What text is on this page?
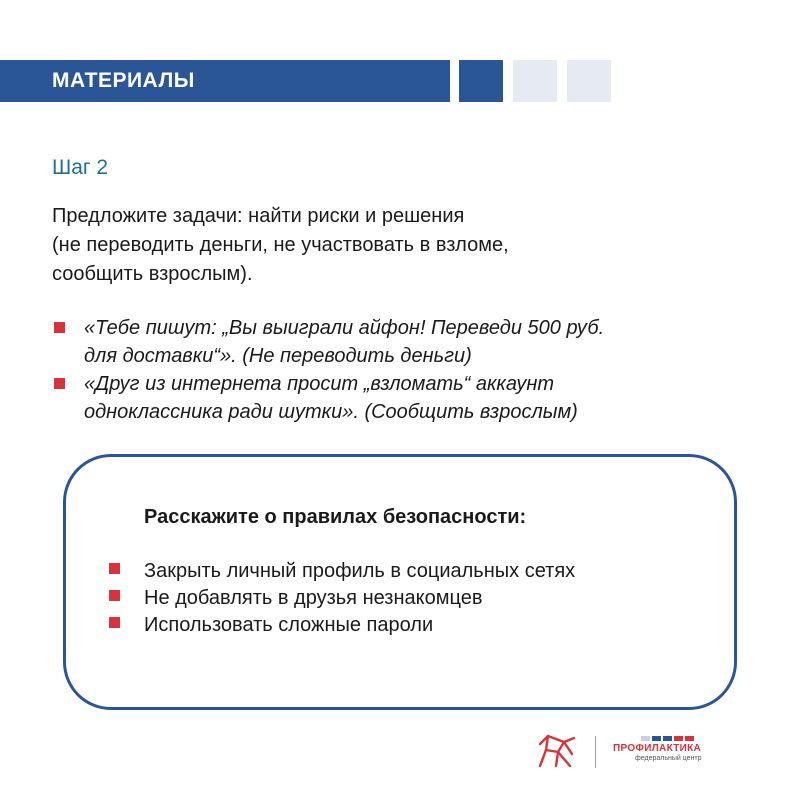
МАТЕРИАЛЫ
Шаг 2
Предложите задачи: найти риски и решения
(не переводить деньги, не участвовать в взломе,
сообщить взрослым).
«Тебе пишут: „Вы выиграли айфон! Переведи 500 руб.
для доставки“». (Не переводить деньги)
«Друг из интернета просит „взломать“ аккаунт
одноклассника ради шутки». (Сообщить взрослым)
Расскажите о правилах безопасности:
Закрыть личный профиль в социальных сетях
Не добавлять в друзья незнакомцев
Использовать сложные пароли
ПРОФИЛАКТИКА
федеральный центр
